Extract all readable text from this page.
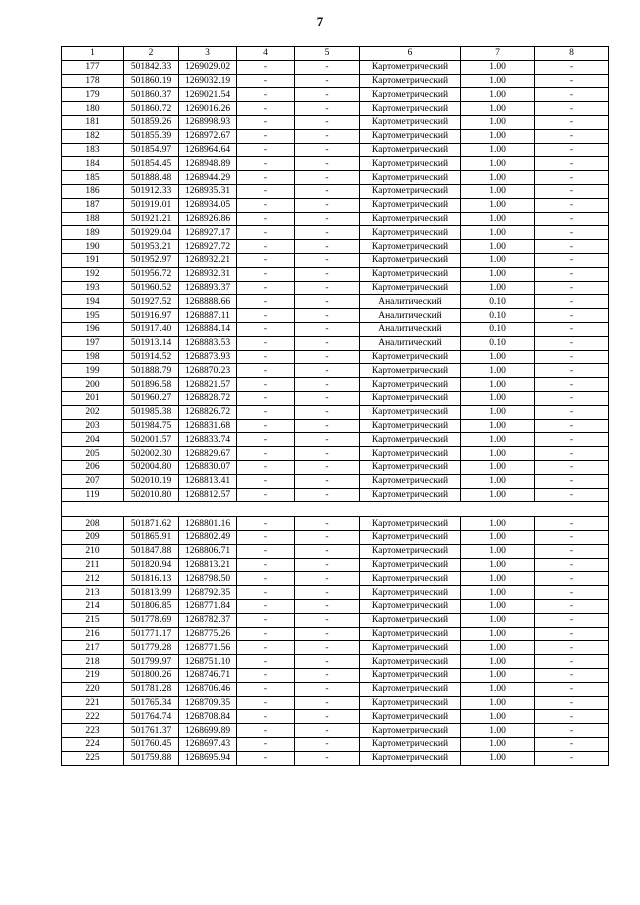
7
1	2	3	4	5	6	7	8
177	501842.33	1269029.02	-	-	Картометрический	1.00	-
178	501860.19	1269032.19	-	-	Картометрический	1.00	-
179	501860.37	1269021.54	-	-	Картометрический	1.00	-
180	501860.72	1269016.26	-	-	Картометрический	1.00	-
181	501859.26	1268998.93	-	-	Картометрический	1.00	-
182	501855.39	1268972.67	-	-	Картометрический	1.00	-
183	501854.97	1268964.64	-	-	Картометрический	1.00	-
184	501854.45	1268948.89	-	-	Картометрический	1.00	-
185	501888.48	1268944.29	-	-	Картометрический	1.00	-
186	501912.33	1268935.31	-	-	Картометрический	1.00	-
187	501919.01	1268934.05	-	-	Картометрический	1.00	-
188	501921.21	1268926.86	-	-	Картометрический	1.00	-
189	501929.04	1268927.17	-	-	Картометрический	1.00	-
190	501953.21	1268927.72	-	-	Картометрический	1.00	-
191	501952.97	1268932.21	-	-	Картометрический	1.00	-
192	501956.72	1268932.31	-	-	Картометрический	1.00	-
193	501960.52	1268893.37	-	-	Картометрический	1.00	-
194	501927.52	1268888.66	-	-	Аналитический	0.10	-
195	501916.97	1268887.11	-	-	Аналитический	0.10	-
196	501917.40	1268884.14	-	-	Аналитический	0.10	-
197	501913.14	1268883.53	-	-	Аналитический	0.10	-
198	501914.52	1268873.93	-	-	Картометрический	1.00	-
199	501888.79	1268870.23	-	-	Картометрический	1.00	-
200	501896.58	1268821.57	-	-	Картометрический	1.00	-
201	501960.27	1268828.72	-	-	Картометрический	1.00	-
202	501985.38	1268826.72	-	-	Картометрический	1.00	-
203	501984.75	1268831.68	-	-	Картометрический	1.00	-
204	502001.57	1268833.74	-	-	Картометрический	1.00	-
205	502002.30	1268829.67	-	-	Картометрический	1.00	-
206	502004.80	1268830.07	-	-	Картометрический	1.00	-
207	502010.19	1268813.41	-	-	Картометрический	1.00	-
119	502010.80	1268812.57	-	-	Картометрический	1.00	-

208	501871.62	1268801.16	-	-	Картометрический	1.00	-
209	501865.91	1268802.49	-	-	Картометрический	1.00	-
210	501847.88	1268806.71	-	-	Картометрический	1.00	-
211	501820.94	1268813.21	-	-	Картометрический	1.00	-
212	501816.13	1268798.50	-	-	Картометрический	1.00	-
213	501813.99	1268792.35	-	-	Картометрический	1.00	-
214	501806.85	1268771.84	-	-	Картометрический	1.00	-
215	501778.69	1268782.37	-	-	Картометрический	1.00	-
216	501771.17	1268775.26	-	-	Картометрический	1.00	-
217	501779.28	1268771.56	-	-	Картометрический	1.00	-
218	501799.97	1268751.10	-	-	Картометрический	1.00	-
219	501800.26	1268746.71	-	-	Картометрический	1.00	-
220	501781.28	1268706.46	-	-	Картометрический	1.00	-
221	501765.34	1268709.35	-	-	Картометрический	1.00	-
222	501764.74	1268708.84	-	-	Картометрический	1.00	-
223	501761.37	1268699.89	-	-	Картометрический	1.00	-
224	501760.45	1268697.43	-	-	Картометрический	1.00	-
225	501759.88	1268695.94	-	-	Картометрический	1.00	-
